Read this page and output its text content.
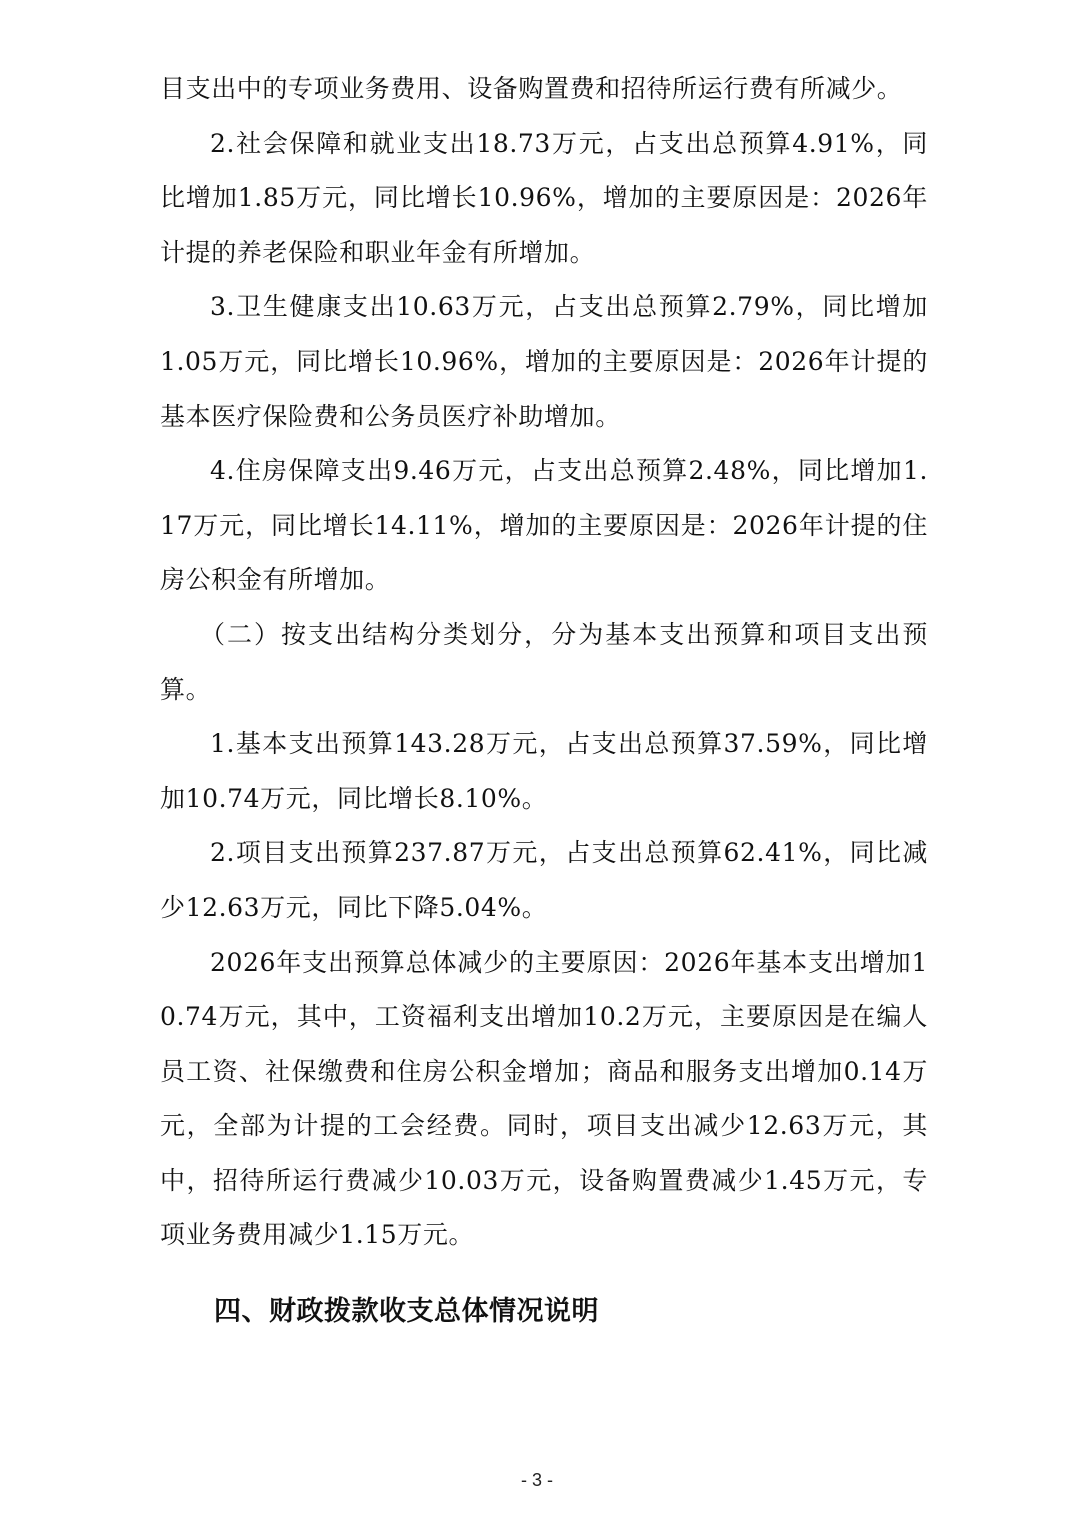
目支出中的专项业务费用、设备购置费和招待所运行费有所减少。

2.社会保障和就业支出18.73万元，占支出总预算4.91%，同比增加1.85万元，同比增长10.96%，增加的主要原因是：2026年计提的养老保险和职业年金有所增加。

3.卫生健康支出10.63万元，占支出总预算2.79%，同比增加1.05万元，同比增长10.96%，增加的主要原因是：2026年计提的基本医疗保险费和公务员医疗补助增加。

4.住房保障支出9.46万元，占支出总预算2.48%，同比增加1.17万元，同比增长14.11%，增加的主要原因是：2026年计提的住房公积金有所增加。

（二）按支出结构分类划分，分为基本支出预算和项目支出预算。

1.基本支出预算143.28万元，占支出总预算37.59%，同比增加10.74万元，同比增长8.10%。

2.项目支出预算237.87万元，占支出总预算62.41%，同比减少12.63万元，同比下降5.04%。

2026年支出预算总体减少的主要原因：2026年基本支出增加10.74万元，其中，工资福利支出增加10.2万元，主要原因是在编人员工资、社保缴费和住房公积金增加；商品和服务支出增加0.14万元，全部为计提的工会经费。同时，项目支出减少12.63万元，其中，招待所运行费减少10.03万元，设备购置费减少1.45万元，专项业务费用减少1.15万元。

四、财政拨款收支总体情况说明
- 3 -
